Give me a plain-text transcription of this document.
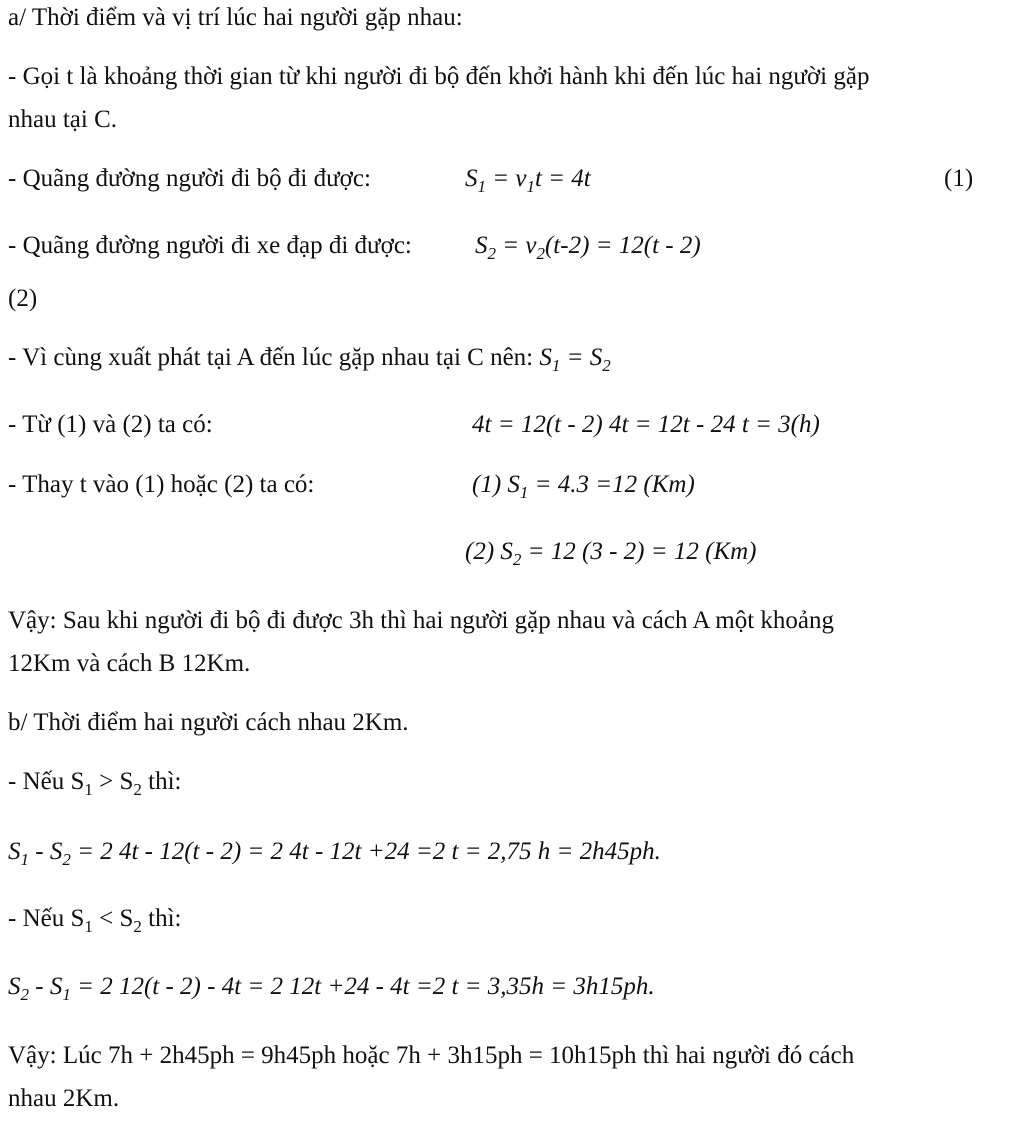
a/ Thời điểm và vị trí lúc hai người gặp nhau:
- Gọi t là khoảng thời gian từ khi người đi bộ đến khởi hành khi đến lúc hai người gặp
nhau tại C.
- Quãng đường người đi bộ đi được:	$S_1 = v_1t = 4t$	(1)
- Quãng đường người đi xe đạp đi được:	$S_2 = v_2(t-2) = 12(t - 2)$
(2)
- Vì cùng xuất phát tại A đến lúc gặp nhau tại C nên: $S_1 = S_2$
- Từ (1) và (2) ta có:	4t = 12(t - 2) 4t = 12t - 24 t = 3(h)
- Thay t vào (1) hoặc (2) ta có:	(1) $S_1 = 4.3 =12$ (Km)
(2) $S_2 = 12$ (3 - 2) = 12 (Km)
Vậy: Sau khi người đi bộ đi được 3h thì hai người gặp nhau và cách A một khoảng
12Km và cách B 12Km.
b/ Thời điểm hai người cách nhau 2Km.
- Nếu $S_1 > S_2$ thì:
$S_1 - S_2 = 2$ 4t - 12(t - 2) = 2 4t - 12t +24 =2 t = 2,75 h = 2h45ph.
- Nếu $S_1 < S_2$ thì:
$S_2 - S_1 = 2$ 12(t - 2) - 4t = 2 12t +24 - 4t =2 t = 3,35h = 3h15ph.
Vậy: Lúc 7h + 2h45ph = 9h45ph hoặc 7h + 3h15ph = 10h15ph thì hai người đó cách
nhau 2Km.
